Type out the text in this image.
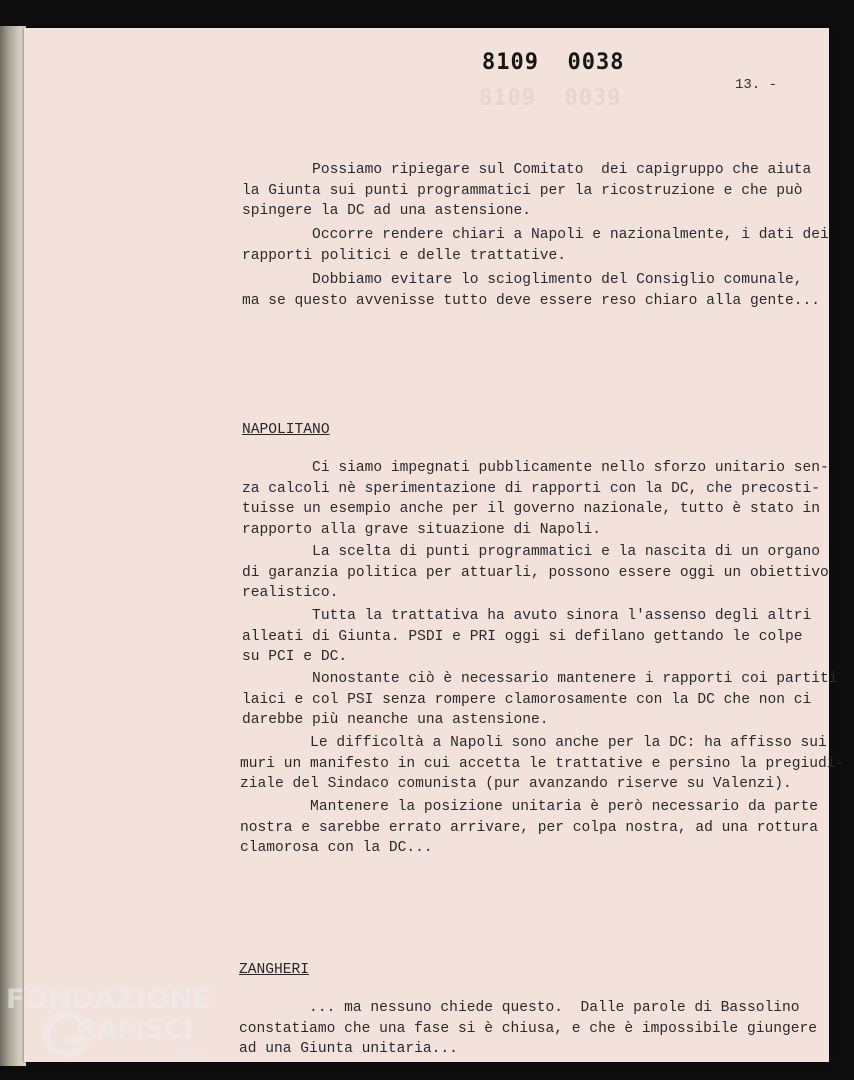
8109  0039
8109  0038
13. -
Possiamo ripiegare sul Comitato  dei capigruppo che aiuta
la Giunta sui punti programmatici per la ricostruzione e che può
spingere la DC ad una astensione.
Occorre rendere chiari a Napoli e nazionalmente, i dati dei
rapporti politici e delle trattative.
Dobbiamo evitare lo scioglimento del Consiglio comunale,
ma se questo avvenisse tutto deve essere reso chiaro alla gente...
NAPOLITANO
Ci siamo impegnati pubblicamente nello sforzo unitario sen-
za calcoli nè sperimentazione di rapporti con la DC, che precosti-
tuisse un esempio anche per il governo nazionale, tutto è stato in
rapporto alla grave situazione di Napoli.
La scelta di punti programmatici e la nascita di un organo
di garanzia politica per attuarli, possono essere oggi un obiettivo
realistico.
Tutta la trattativa ha avuto sinora l'assenso degli altri
alleati di Giunta. PSDI e PRI oggi si defilano gettando le colpe
su PCI e DC.
Nonostante ciò è necessario mantenere i rapporti coi partiti
laici e col PSI senza rompere clamorosamente con la DC che non ci
darebbe più neanche una astensione.
Le difficoltà a Napoli sono anche per la DC: ha affisso sui
muri un manifesto in cui accetta le trattative e persino la pregiudi-
ziale del Sindaco comunista (pur avanzando riserve su Valenzi).
Mantenere la posizione unitaria è però necessario da parte
nostra e sarebbe errato arrivare, per colpa nostra, ad una rottura
clamorosa con la DC...
ZANGHERI
... ma nessuno chiede questo.  Dalle parole di Bassolino
constatiamo che una fase si è chiusa, e che è impossibile giungere
ad una Giunta unitaria...
FONDAZIONE
RAMSCI
onlus
